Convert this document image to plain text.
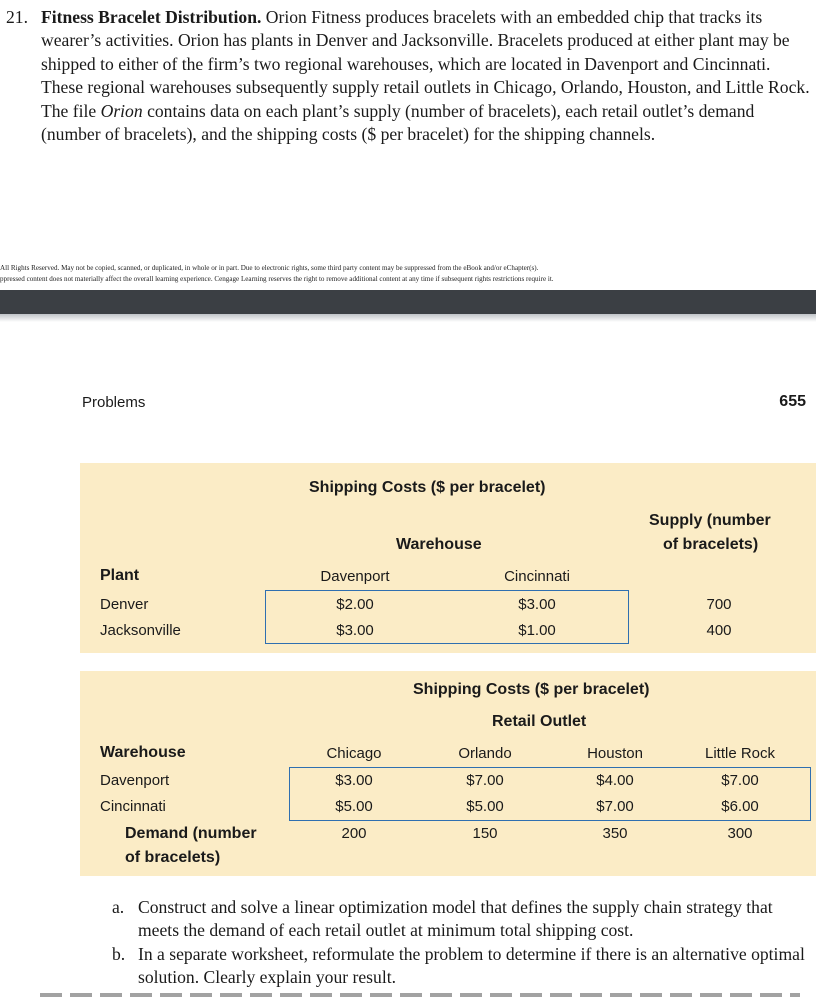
21. Fitness Bracelet Distribution. Orion Fitness produces bracelets with an embedded chip that tracks its wearer’s activities. Orion has plants in Denver and Jacksonville. Bracelets produced at either plant may be shipped to either of the firm’s two regional warehouses, which are located in Davenport and Cincinnati. These regional warehouses subsequently supply retail outlets in Chicago, Orlando, Houston, and Little Rock. The file Orion contains data on each plant’s supply (number of bracelets), each retail outlet’s demand (number of bracelets), and the shipping costs ($ per bracelet) for the shipping channels.
All Rights Reserved. May not be copied, scanned, or duplicated, in whole or in part. Due to electronic rights, some third party content may be suppressed from the eBook and/or eChapter(s).
ppressed content does not materially affect the overall learning experience. Cengage Learning reserves the right to remove additional content at any time if subsequent rights restrictions require it.
Problems	655
Shipping Costs ($ per bracelet)
Supply (number
of bracelets)
Warehouse
Plant	Davenport	Cincinnati
Denver	$2.00	$3.00	700
Jacksonville	$3.00	$1.00	400
Shipping Costs ($ per bracelet)
Retail Outlet
Warehouse	Chicago	Orlando	Houston	Little Rock
Davenport	$3.00	$7.00	$4.00	$7.00
Cincinnati	$5.00	$5.00	$7.00	$6.00
Demand (number
of bracelets)
200	150	350	300
a. Construct and solve a linear optimization model that defines the supply chain strategy that meets the demand of each retail outlet at minimum total shipping cost.
b. In a separate worksheet, reformulate the problem to determine if there is an alternative optimal solution. Clearly explain your result.
